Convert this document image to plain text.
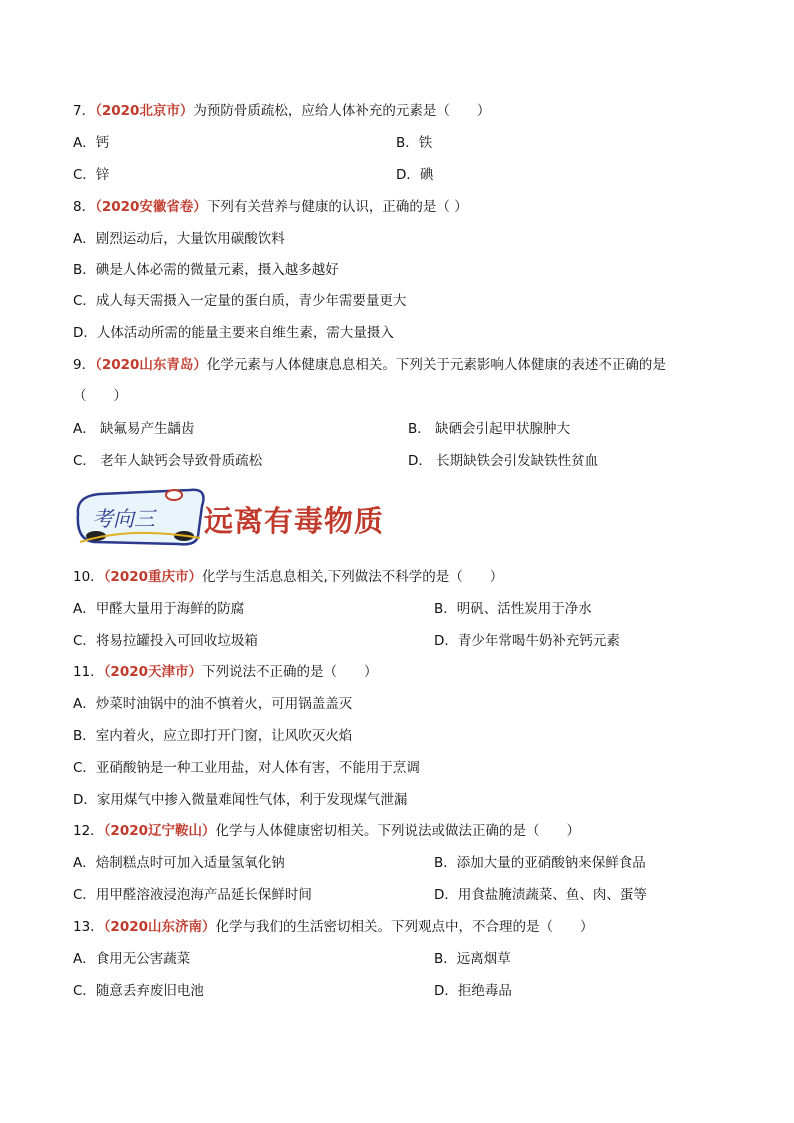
7．（2020北京市）为预防骨质疏松，应给人体补充的元素是（　　）
A．钙	B．铁
C．锌	D．碘
8．（2020安徽省卷）下列有关营养与健康的认识，正确的是（ ）
A．剧烈运动后，大量饮用碳酸饮料
B．碘是人体必需的微量元素，摄入越多越好
C．成人每天需摄入一定量的蛋白质，青少年需要量更大
D．人体活动所需的能量主要来自维生素，需大量摄入
9．（2020山东青岛）化学元素与人体健康息息相关。下列关于元素影响人体健康的表述不正确的是
（　　）
A． 缺氟易产生龋齿	B． 缺硒会引起甲状腺肿大
C． 老年人缺钙会导致骨质疏松	D． 长期缺铁会引发缺铁性贫血
考向三 远离有毒物质
10．（2020重庆市）化学与生活息息相关,下列做法不科学的是（　　）
A．甲醛大量用于海鲜的防腐	B．明矾、活性炭用于净水
C．将易拉罐投入可回收垃圾箱	D．青少年常喝牛奶补充钙元素
11．（2020天津市）下列说法不正确的是（　　）
A．炒菜时油锅中的油不慎着火，可用锅盖盖灭
B．室内着火，应立即打开门窗，让风吹灭火焰
C．亚硝酸钠是一种工业用盐，对人体有害，不能用于烹调
D．家用煤气中掺入微量难闻性气体，利于发现煤气泄漏
12．（2020辽宁鞍山）化学与人体健康密切相关。下列说法或做法正确的是（　　）
A．焙制糕点时可加入适量氢氧化钠	B．添加大量的亚硝酸钠来保鲜食品
C．用甲醛溶液浸泡海产品延长保鲜时间	D．用食盐腌渍蔬菜、鱼、肉、蛋等
13．（2020山东济南）化学与我们的生活密切相关。下列观点中，不合理的是（　　）
A．食用无公害蔬菜	B．远离烟草
C．随意丢弃废旧电池	D．拒绝毒品
